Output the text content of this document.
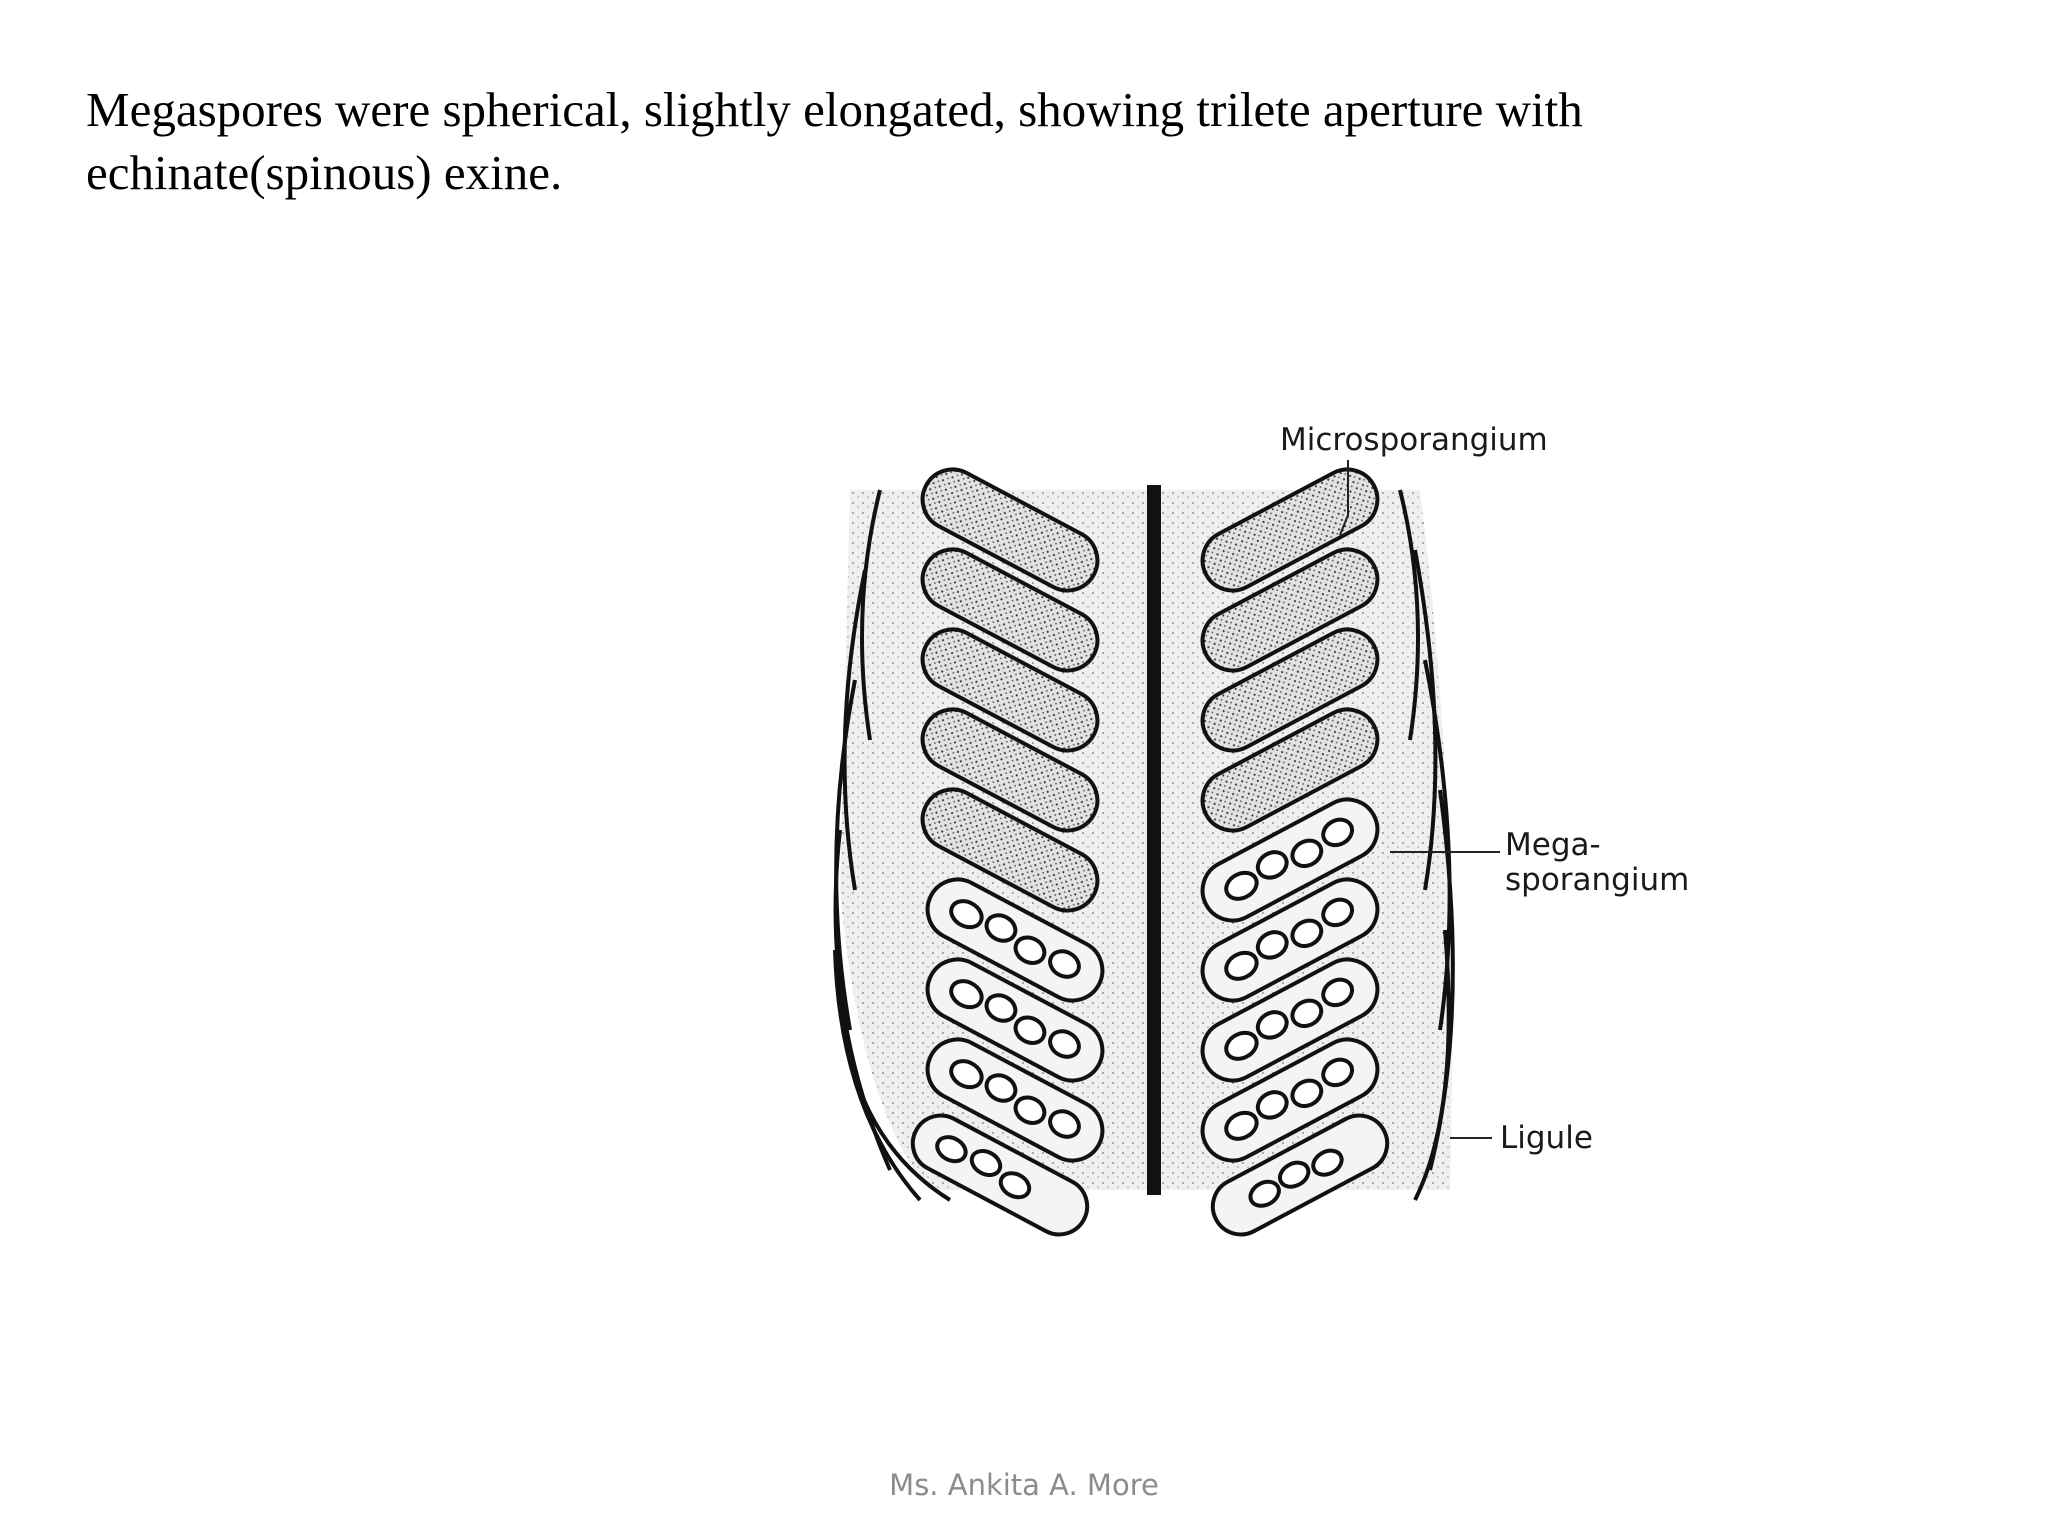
Megaspores were spherical, slightly elongated, showing trilete aperture with echinate(spinous) exine.

Microsporangium
Mega-
sporangium
Ligule
Ms. Ankita A. More
